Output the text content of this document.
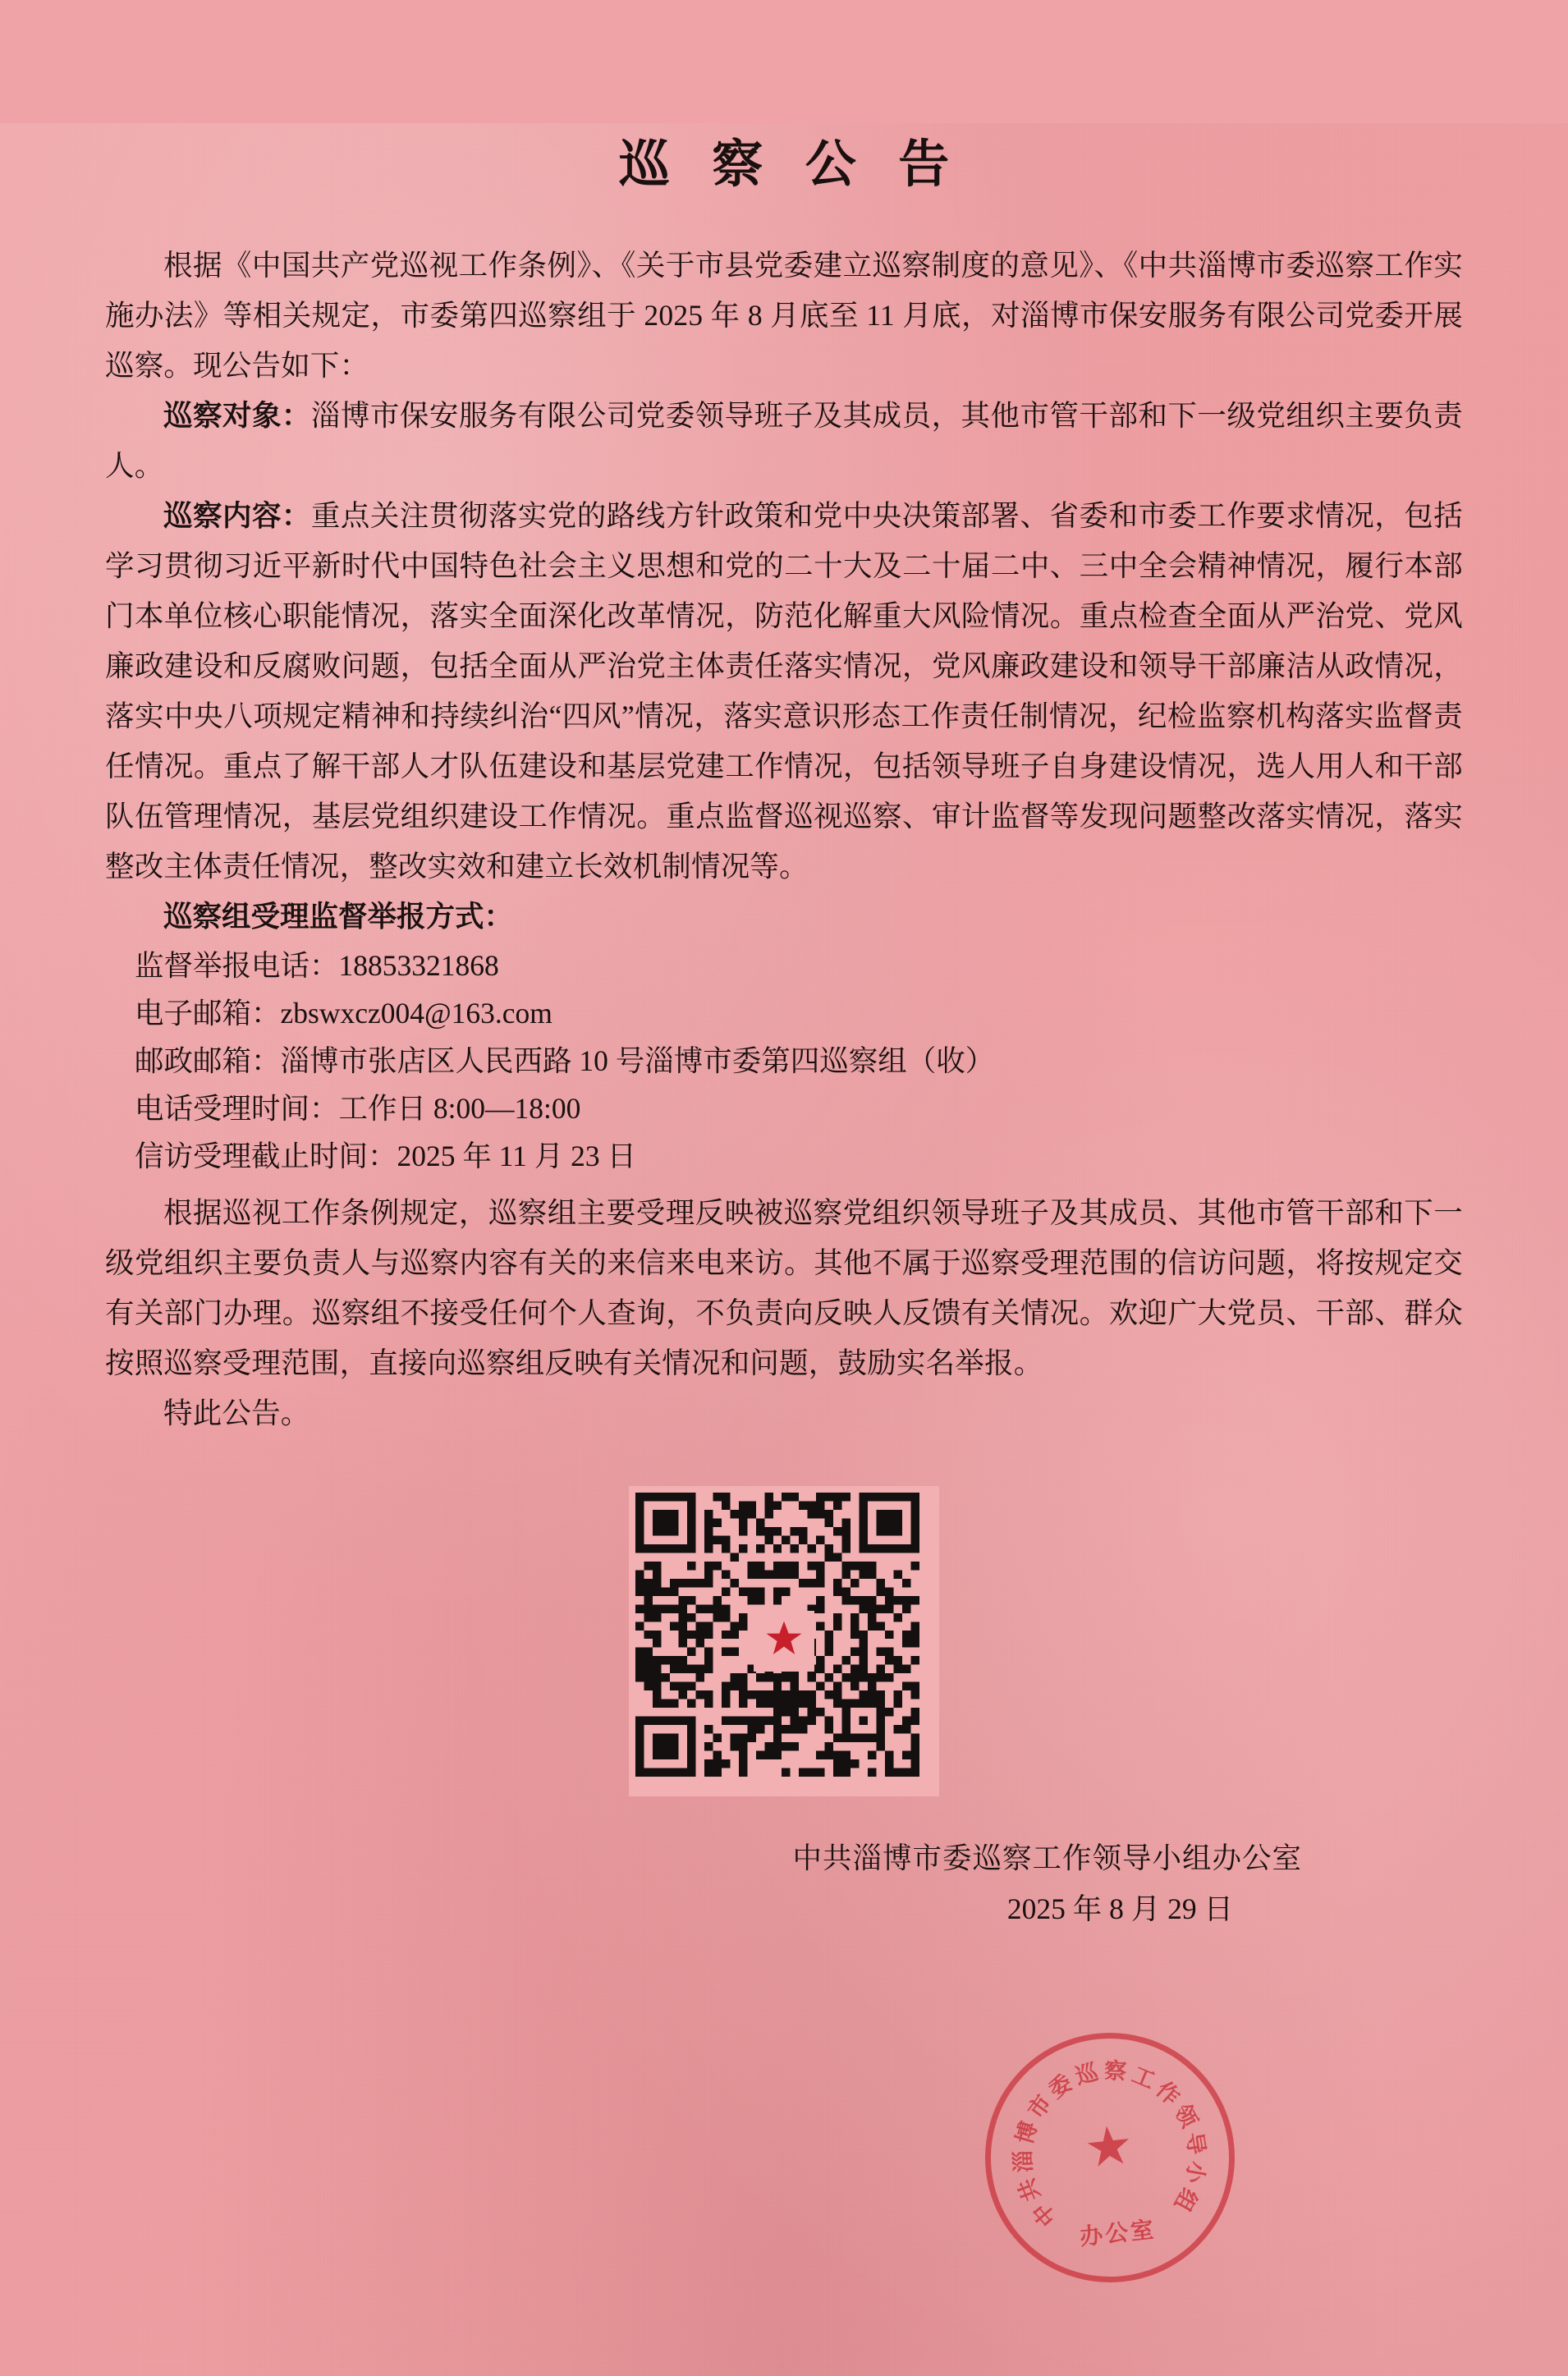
巡 察 公 告

根据《中国共产党巡视工作条例》、《关于市县党委建立巡察制度的意见》、《中共淄博市委巡察工作实施办法》等相关规定，市委第四巡察组于 2025 年 8 月底至 11 月底，对淄博市保安服务有限公司党委开展巡察。现公告如下：

巡察对象：淄博市保安服务有限公司党委领导班子及其成员，其他市管干部和下一级党组织主要负责人。

巡察内容：重点关注贯彻落实党的路线方针政策和党中央决策部署、省委和市委工作要求情况，包括学习贯彻习近平新时代中国特色社会主义思想和党的二十大及二十届二中、三中全会精神情况，履行本部门本单位核心职能情况，落实全面深化改革情况，防范化解重大风险情况。重点检查全面从严治党、党风廉政建设和反腐败问题，包括全面从严治党主体责任落实情况，党风廉政建设和领导干部廉洁从政情况，落实中央八项规定精神和持续纠治“四风”情况，落实意识形态工作责任制情况，纪检监察机构落实监督责任情况。重点了解干部人才队伍建设和基层党建工作情况，包括领导班子自身建设情况，选人用人和干部队伍管理情况，基层党组织建设工作情况。重点监督巡视巡察、审计监督等发现问题整改落实情况，落实整改主体责任情况，整改实效和建立长效机制情况等。

巡察组受理监督举报方式：

监督举报电话：18853321868

电子邮箱：zbswxcz004@163.com

邮政邮箱：淄博市张店区人民西路 10 号淄博市委第四巡察组（收）

电话受理时间：工作日 8:00—18:00

信访受理截止时间：2025 年 11 月 23 日

根据巡视工作条例规定，巡察组主要受理反映被巡察党组织领导班子及其成员、其他市管干部和下一级党组织主要负责人与巡察内容有关的来信来电来访。其他不属于巡察受理范围的信访问题，将按规定交有关部门办理。巡察组不接受任何个人查询，不负责向反映人反馈有关情况。欢迎广大党员、干部、群众按照巡察受理范围，直接向巡察组反映有关情况和问题，鼓励实名举报。

特此公告。

中共淄博市委巡察工作领导小组办公室
2025 年 8 月 29 日
中
共
淄
博
市
委
巡 察 工
作
领
导
小
组
★
办公室
